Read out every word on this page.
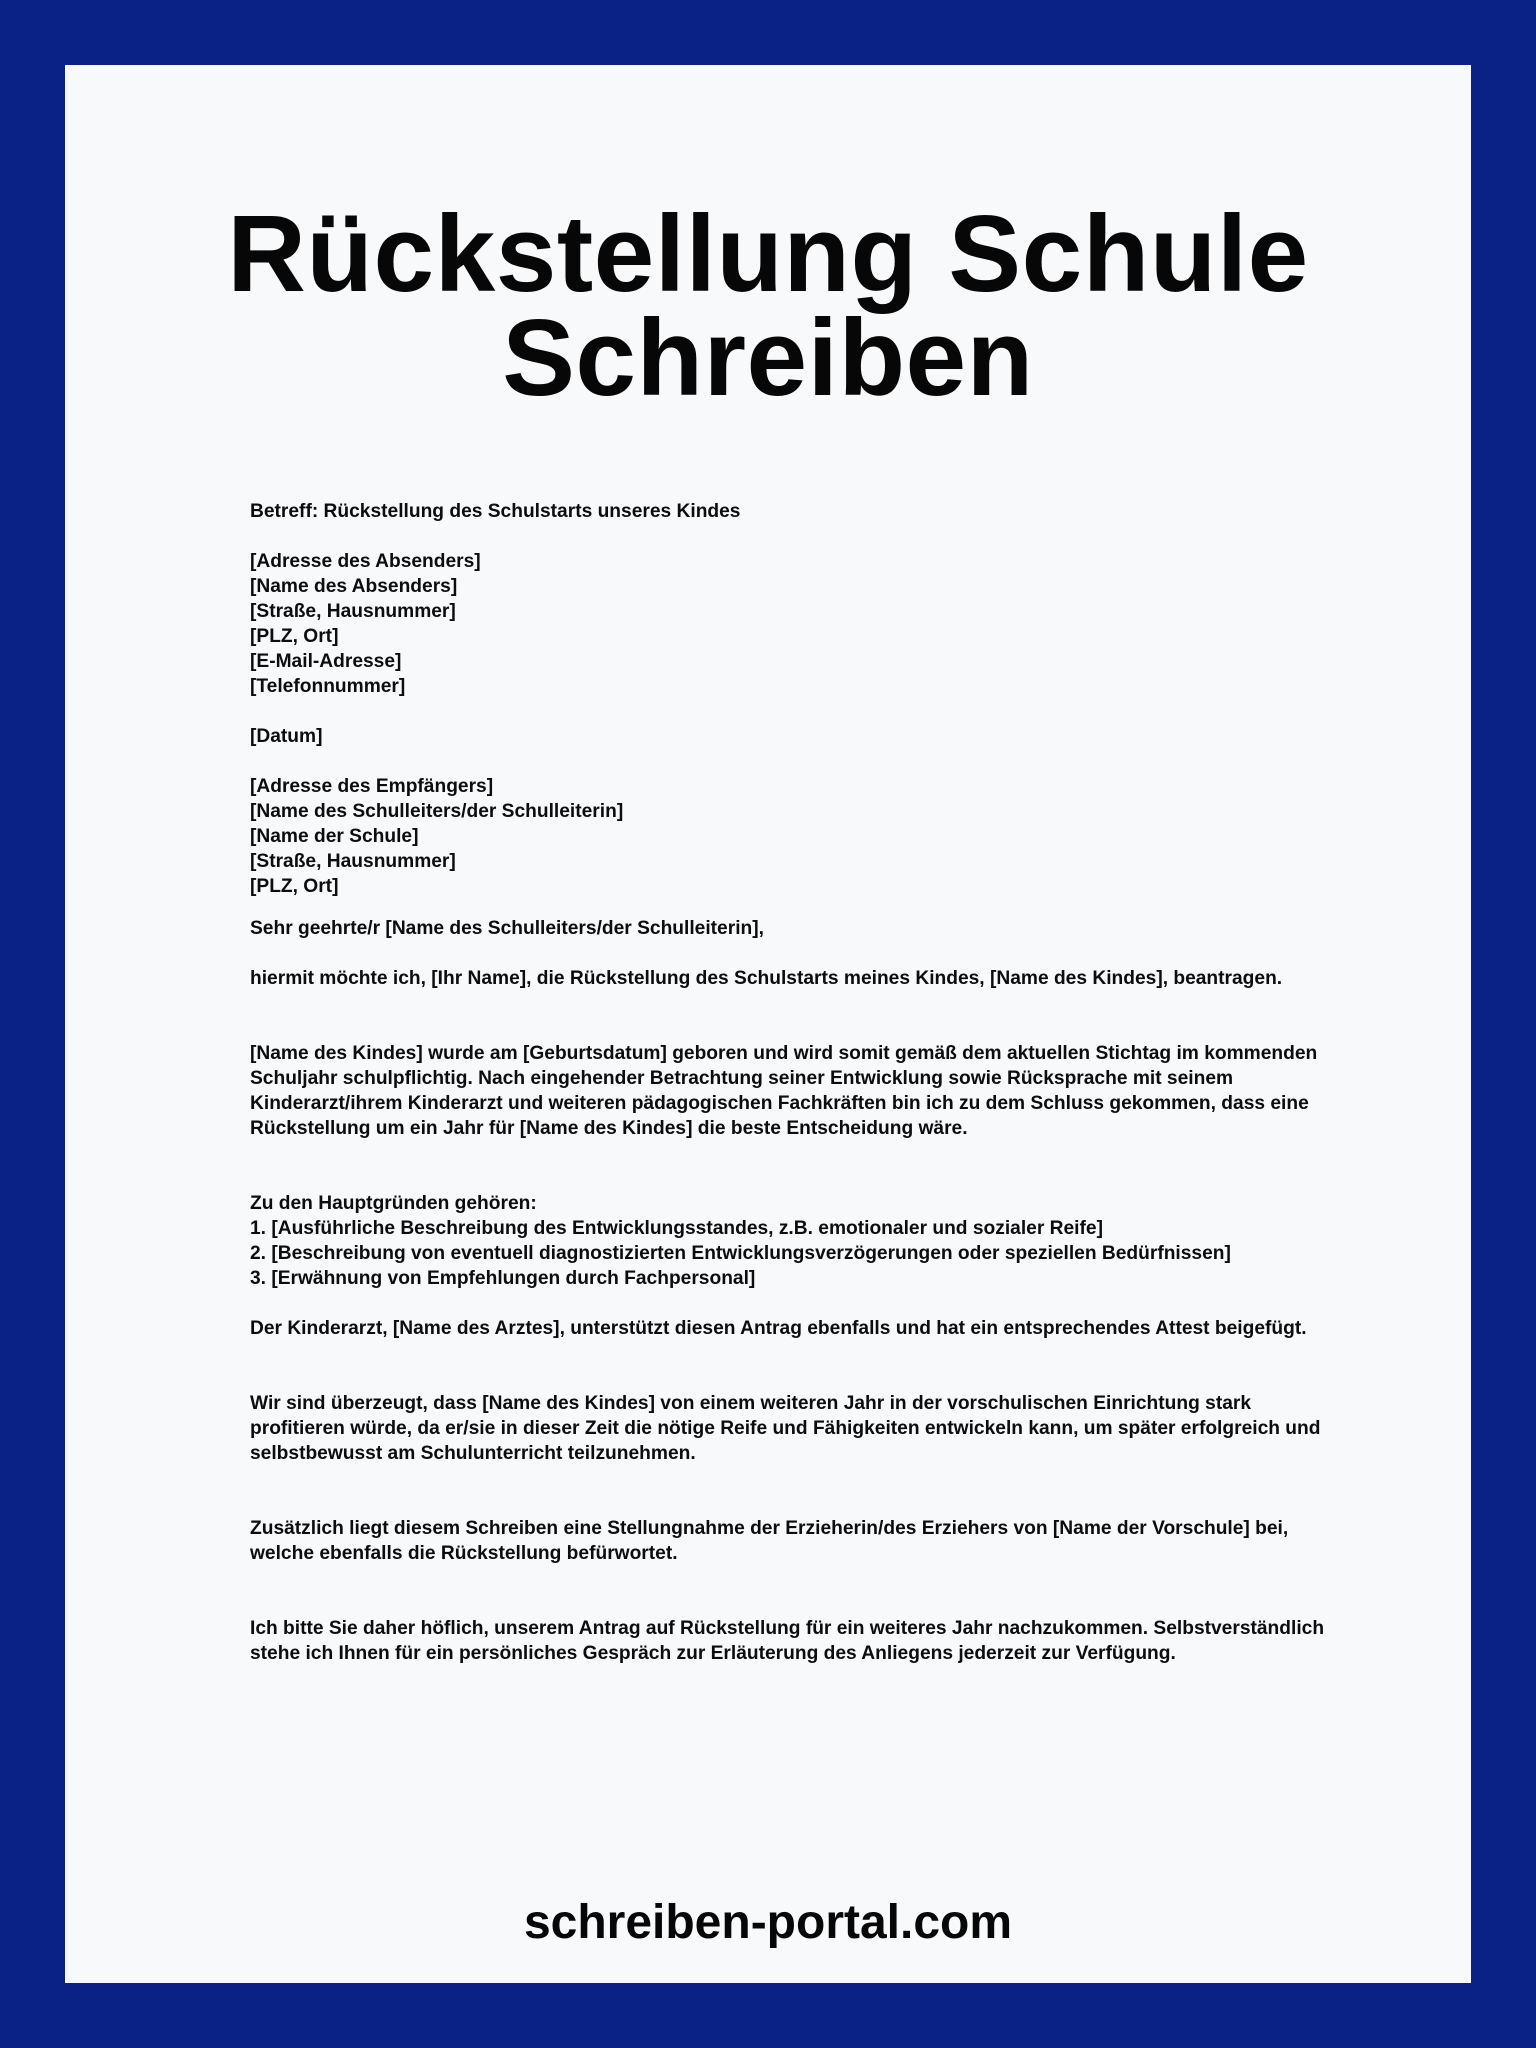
Rückstellung Schule
Schreiben
Betreff: Rückstellung des Schulstarts unseres Kindes
[Adresse des Absenders]
[Name des Absenders]
[Straße, Hausnummer]
[PLZ, Ort]
[E-Mail-Adresse]
[Telefonnummer]
[Datum]
[Adresse des Empfängers]
[Name des Schulleiters/der Schulleiterin]
[Name der Schule]
[Straße, Hausnummer]
[PLZ, Ort]
Sehr geehrte/r [Name des Schulleiters/der Schulleiterin],
hiermit möchte ich, [Ihr Name], die Rückstellung des Schulstarts meines Kindes, [Name des Kindes], beantragen.
[Name des Kindes] wurde am [Geburtsdatum] geboren und wird somit gemäß dem aktuellen Stichtag im kommenden Schuljahr schulpflichtig. Nach eingehender Betrachtung seiner Entwicklung sowie Rücksprache mit seinem Kinderarzt/ihrem Kinderarzt und weiteren pädagogischen Fachkräften bin ich zu dem Schluss gekommen, dass eine Rückstellung um ein Jahr für [Name des Kindes] die beste Entscheidung wäre.
Zu den Hauptgründen gehören:
1. [Ausführliche Beschreibung des Entwicklungsstandes, z.B. emotionaler und sozialer Reife]
2. [Beschreibung von eventuell diagnostizierten Entwicklungsverzögerungen oder speziellen Bedürfnissen]
3. [Erwähnung von Empfehlungen durch Fachpersonal]
Der Kinderarzt, [Name des Arztes], unterstützt diesen Antrag ebenfalls und hat ein entsprechendes Attest beigefügt.
Wir sind überzeugt, dass [Name des Kindes] von einem weiteren Jahr in der vorschulischen Einrichtung stark profitieren würde, da er/sie in dieser Zeit die nötige Reife und Fähigkeiten entwickeln kann, um später erfolgreich und selbstbewusst am Schulunterricht teilzunehmen.
Zusätzlich liegt diesem Schreiben eine Stellungnahme der Erzieherin/des Erziehers von [Name der Vorschule] bei, welche ebenfalls die Rückstellung befürwortet.
Ich bitte Sie daher höflich, unserem Antrag auf Rückstellung für ein weiteres Jahr nachzukommen. Selbstverständlich stehe ich Ihnen für ein persönliches Gespräch zur Erläuterung des Anliegens jederzeit zur Verfügung.
schreiben-portal.com
